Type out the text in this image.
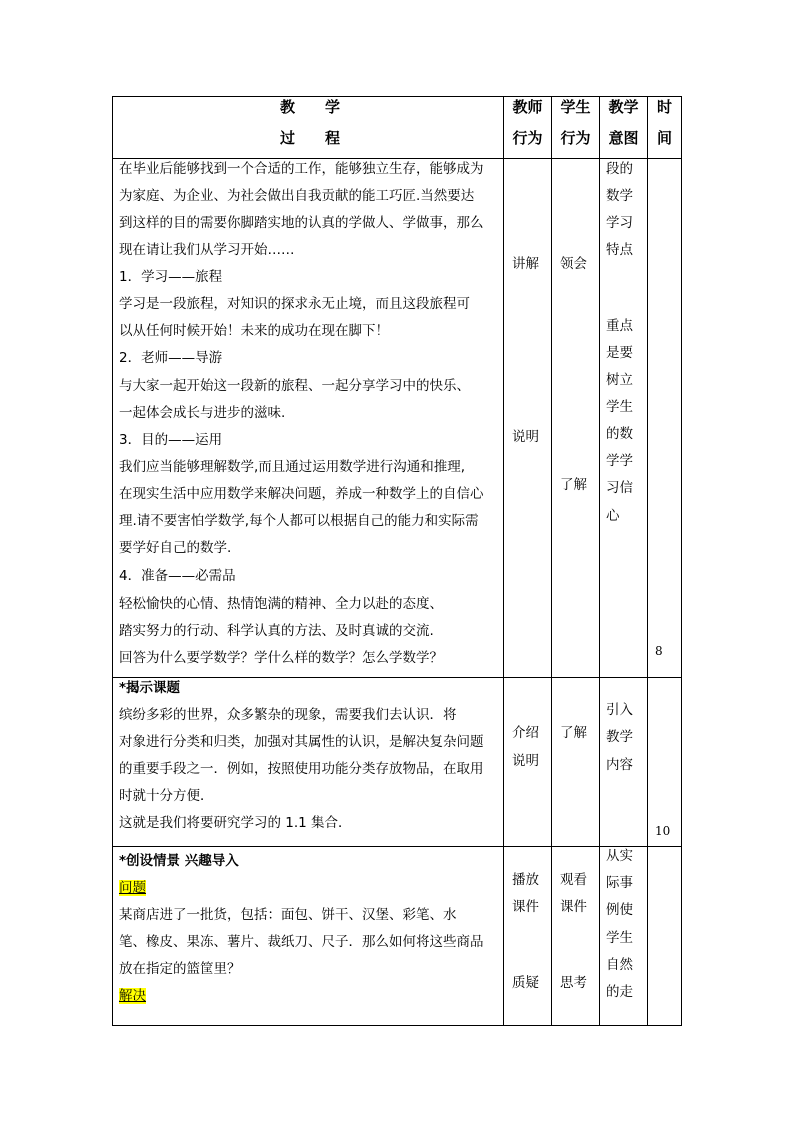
教　　学
过　　程
教师
行为
学生
行为
教学
意图
时
间
在毕业后能够找到一个合适的工作，能够独立生存，能够成为
为家庭、为企业、为社会做出自我贡献的能工巧匠.当然要达
到这样的目的需要你脚踏实地的认真的学做人、学做事，那么
现在请让我们从学习开始……
1．学习——旅程
学习是一段旅程，对知识的探求永无止境，而且这段旅程可
以从任何时候开始！未来的成功在现在脚下！
2．老师——导游
与大家一起开始这一段新的旅程、一起分享学习中的快乐、
一起体会成长与进步的滋味.
3．目的——运用
我们应当能够理解数学,而且通过运用数学进行沟通和推理,
在现实生活中应用数学来解决问题，养成一种数学上的自信心
理.请不要害怕学数学,每个人都可以根据自己的能力和实际需
要学好自己的数学.
4．准备——必需品
轻松愉快的心情、热情饱满的精神、全力以赴的态度、
踏实努力的行动、科学认真的方法、及时真诚的交流.
回答为什么要学数学？学什么样的数学？怎么学数学？
讲解
说明
领会
了解
段的
数学
学习
特点
重点
是要
树立
学生
的数
学学
习信
心
8
*揭示课题
缤纷多彩的世界，众多繁杂的现象，需要我们去认识．将
对象进行分类和归类，加强对其属性的认识，是解决复杂问题
的重要手段之一．例如，按照使用功能分类存放物品，在取用
时就十分方便．
这就是我们将要研究学习的 1.1 集合．
介绍
说明
了解
引入
教学
内容
10
*创设情景 兴趣导入
问题
某商店进了一批货，包括：面包、饼干、汉堡、彩笔、水
笔、橡皮、果冻、薯片、裁纸刀、尺子．那么如何将这些商品
放在指定的篮筐里？
解决
播放
课件
质疑
观看
课件
思考
从实
际事
例使
学生
自然
的走
